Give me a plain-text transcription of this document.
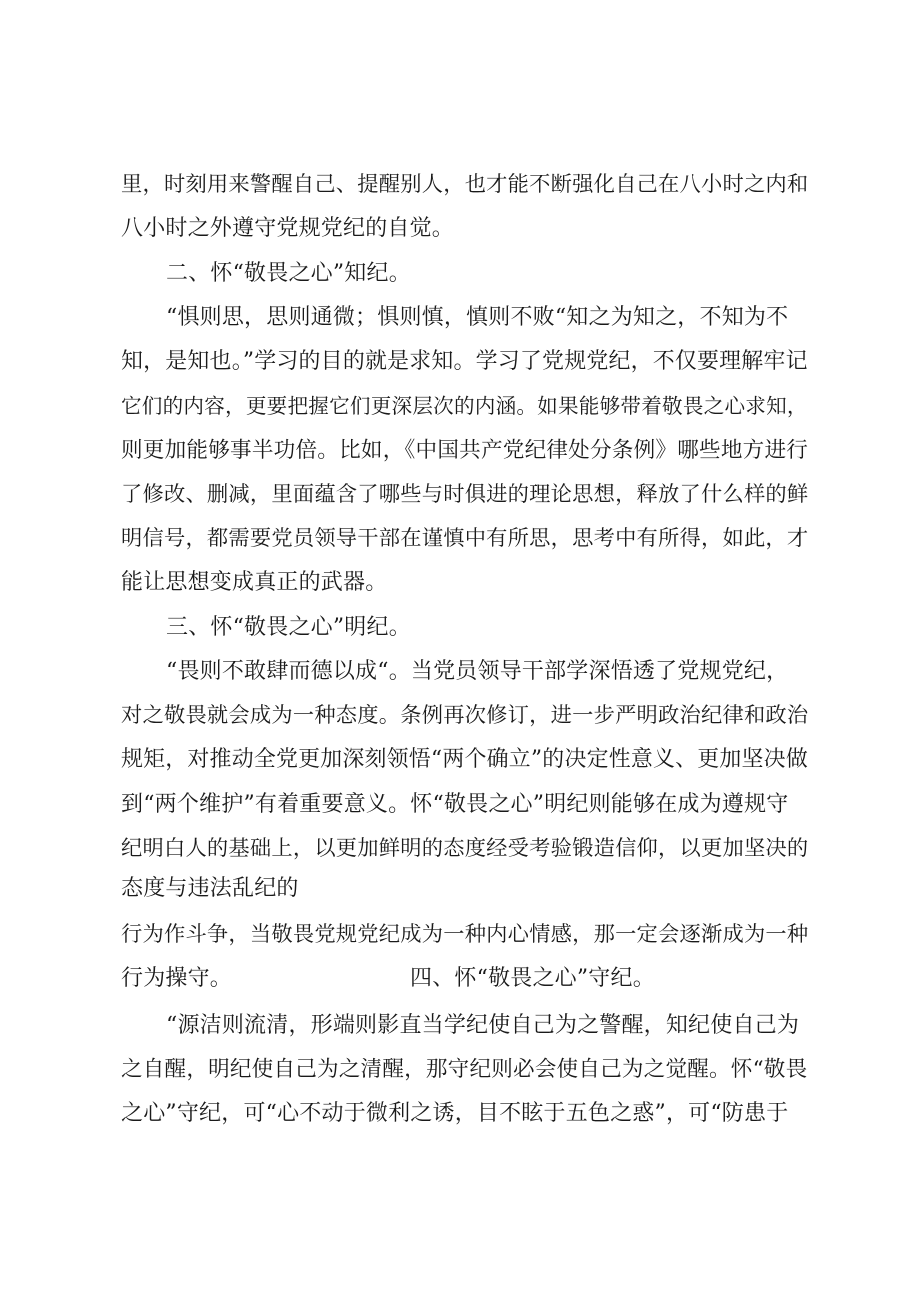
里，时刻用来警醒自己、提醒别人，也才能不断强化自己在八小时之内和
八小时之外遵守党规党纪的自觉。
二、怀“敬畏之心”知纪。
“惧则思，思则通微；惧则慎，慎则不败“知之为知之，不知为不
知，是知也。”学习的目的就是求知。学习了党规党纪，不仅要理解牢记
它们的内容，更要把握它们更深层次的内涵。如果能够带着敬畏之心求知，
则更加能够事半功倍。比如，《中国共产党纪律处分条例》哪些地方进行
了修改、删减，里面蕴含了哪些与时俱进的理论思想，释放了什么样的鲜
明信号，都需要党员领导干部在谨慎中有所思，思考中有所得，如此，才
能让思想变成真正的武器。
三、怀“敬畏之心”明纪。
“畏则不敢肆而德以成“。当党员领导干部学深悟透了党规党纪，
对之敬畏就会成为一种态度。条例再次修订，进一步严明政治纪律和政治
规矩，对推动全党更加深刻领悟“两个确立”的决定性意义、更加坚决做
到“两个维护”有着重要意义。怀“敬畏之心”明纪则能够在成为遵规守
纪明白人的基础上，以更加鲜明的态度经受考验锻造信仰，以更加坚决的
态度与违法乱纪的
行为作斗争，当敬畏党规党纪成为一种内心情感，那一定会逐渐成为一种
行为操守。	四、怀“敬畏之心”守纪。
“源洁则流清，形端则影直当学纪使自己为之警醒，知纪使自己为
之自醒，明纪使自己为之清醒，那守纪则必会使自己为之觉醒。怀“敬畏
之心”守纪，可“心不动于微利之诱，目不眩于五色之惑”，可“防患于
